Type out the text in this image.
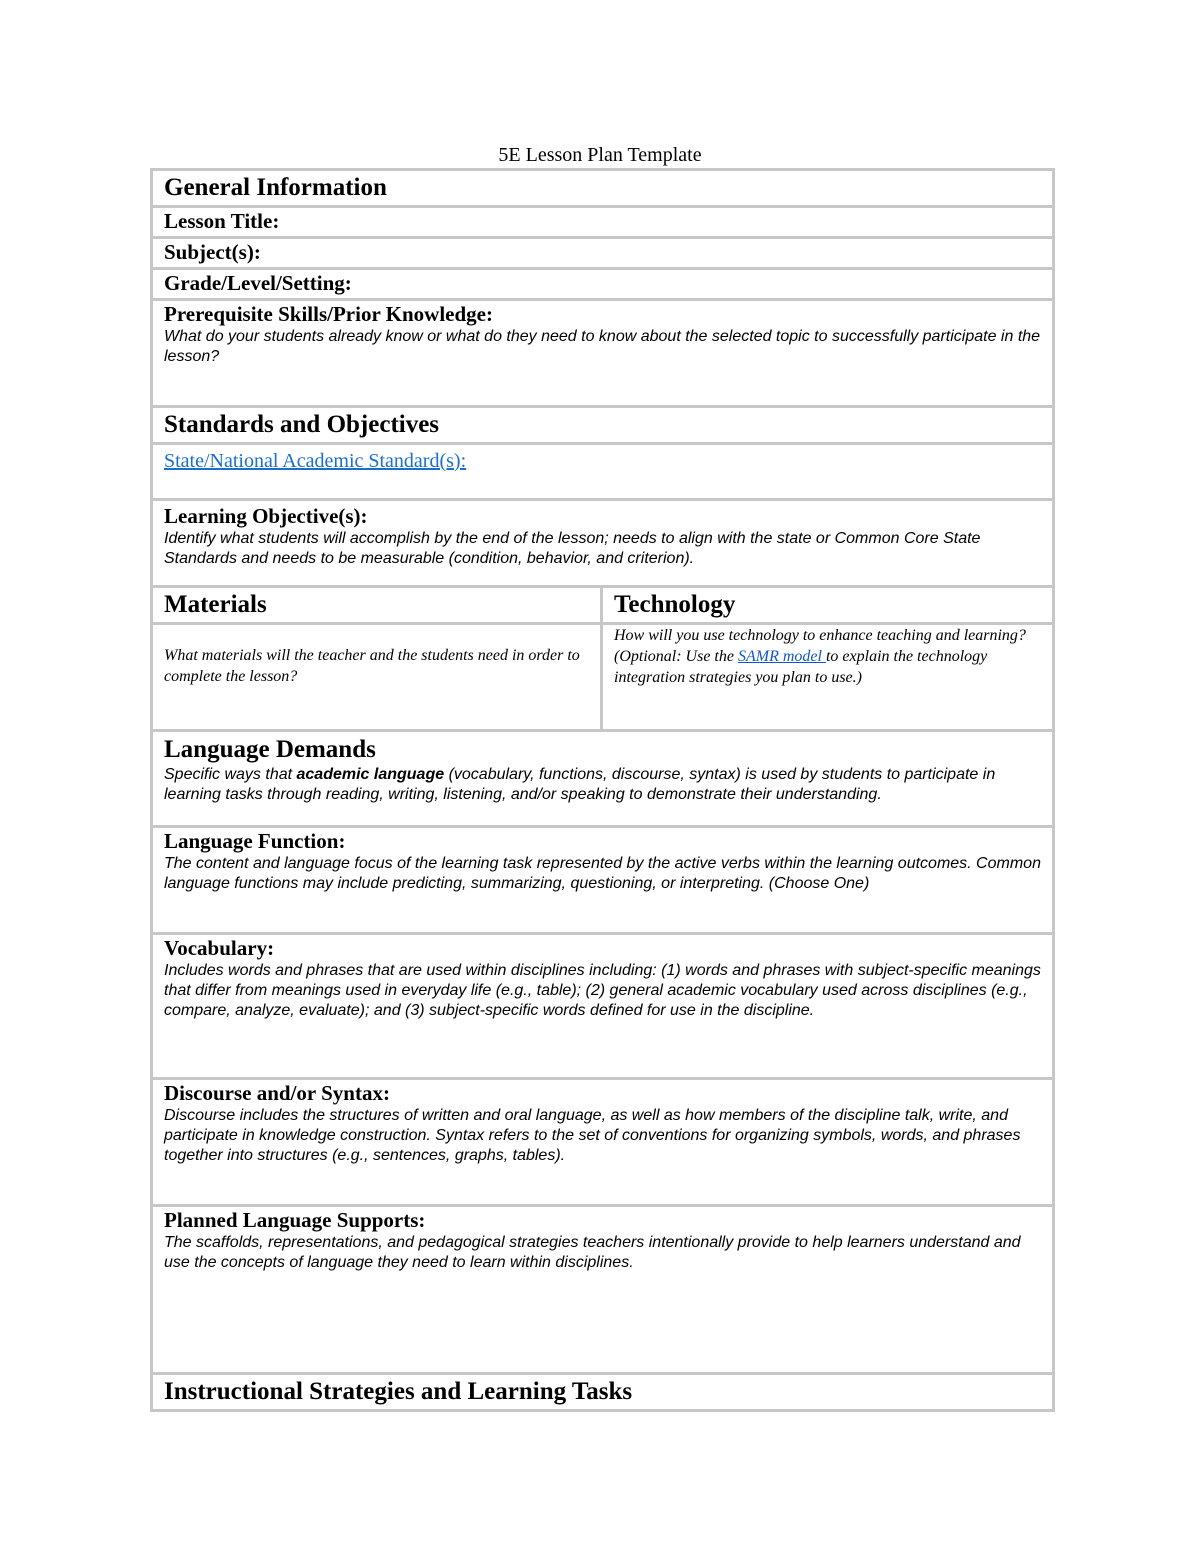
5E Lesson Plan Template
General Information	

Lesson Title:	

Subject(s):	

Grade/Level/Setting:	

Prerequisite Skills/Prior Knowledge:
What do your students already know or what do they need to know about the selected topic to successfully participate in the lesson?	

Standards and Objectives	

State/National Academic Standard(s):	

Learning Objective(s):
Identify what students will accomplish by the end of the lesson; needs to align with the state or Common Core State Standards and needs to be measurable (condition, behavior, and criterion).	

Materials	Technology

What materials will the teacher and the students need in order to complete the lesson?	How will you use technology to enhance teaching and learning? (Optional: Use the SAMR model to explain the technology integration strategies you plan to use.)

Language Demands
Specific ways that academic language (vocabulary, functions, discourse, syntax) is used by students to participate in learning tasks through reading, writing, listening, and/or speaking to demonstrate their understanding.	

Language Function:
The content and language focus of the learning task represented by the active verbs within the learning outcomes. Common language functions may include predicting, summarizing, questioning, or interpreting. (Choose One)	

Vocabulary:
Includes words and phrases that are used within disciplines including: (1) words and phrases with subject-specific meanings that differ from meanings used in everyday life (e.g., table); (2) general academic vocabulary used across disciplines (e.g., compare, analyze, evaluate); and (3) subject-specific words defined for use in the discipline.	

Discourse and/or Syntax:
Discourse includes the structures of written and oral language, as well as how members of the discipline talk, write, and participate in knowledge construction. Syntax refers to the set of conventions for organizing symbols, words, and phrases together into structures (e.g., sentences, graphs, tables).	

Planned Language Supports:
The scaffolds, representations, and pedagogical strategies teachers intentionally provide to help learners understand and use the concepts of language they need to learn within disciplines.	

Instructional Strategies and Learning Tasks	
